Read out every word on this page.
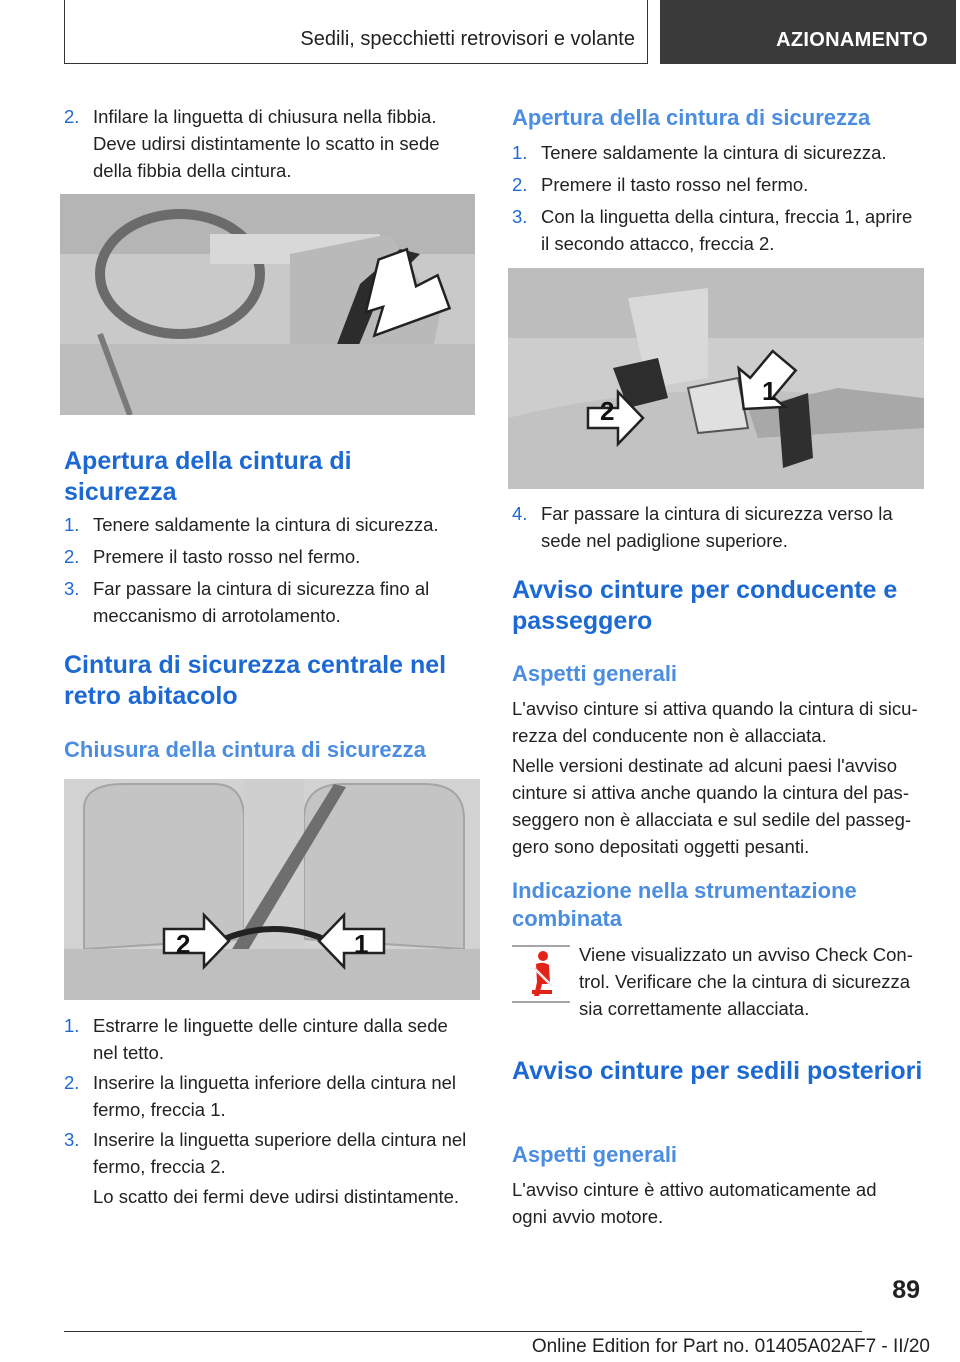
Sedili, specchietti retrovisori e volante	AZIONAMENTO
2. Infilare la linguetta di chiusura nella fibbia. Deve udirsi distintamente lo scatto in sede della fibbia della cintura.
Apertura della cintura di sicurezza
1. Tenere saldamente la cintura di sicurezza.
2. Premere il tasto rosso nel fermo.
3. Far passare la cintura di sicurezza fino al meccanismo di arrotolamento.
Cintura di sicurezza centrale nel retro abitacolo
Chiusura della cintura di sicurezza
2	1
1. Estrarre le linguette delle cinture dalla sede nel tetto.
2. Inserire la linguetta inferiore della cintura nel fermo, freccia 1.
3. Inserire la linguetta superiore della cintura nel fermo, freccia 2.

Lo scatto dei fermi deve udirsi distintamente.

Apertura della cintura di sicurezza
1. Tenere saldamente la cintura di sicurezza.
2. Premere il tasto rosso nel fermo.
3. Con la linguetta della cintura, freccia 1, aprire il secondo attacco, freccia 2.
2
1
4. Far passare la cintura di sicurezza verso la sede nel padiglione superiore.
Avviso cinture per conducente e passeggero
Aspetti generali

L'avviso cinture si attiva quando la cintura di sicurezza del conducente non è allacciata.

Nelle versioni destinate ad alcuni paesi l'avviso cinture si attiva anche quando la cintura del passeggero non è allacciata e sul sedile del passeggero sono depositati oggetti pesanti.

Indicazione nella strumentazione combinata

Viene visualizzato un avviso Check Control. Verificare che la cintura di sicurezza sia correttamente allacciata.

Avviso cinture per sedili posteriori
Aspetti generali

L'avviso cinture è attivo automaticamente ad ogni avvio motore.

89
Online Edition for Part no. 01405A02AF7 - II/20
